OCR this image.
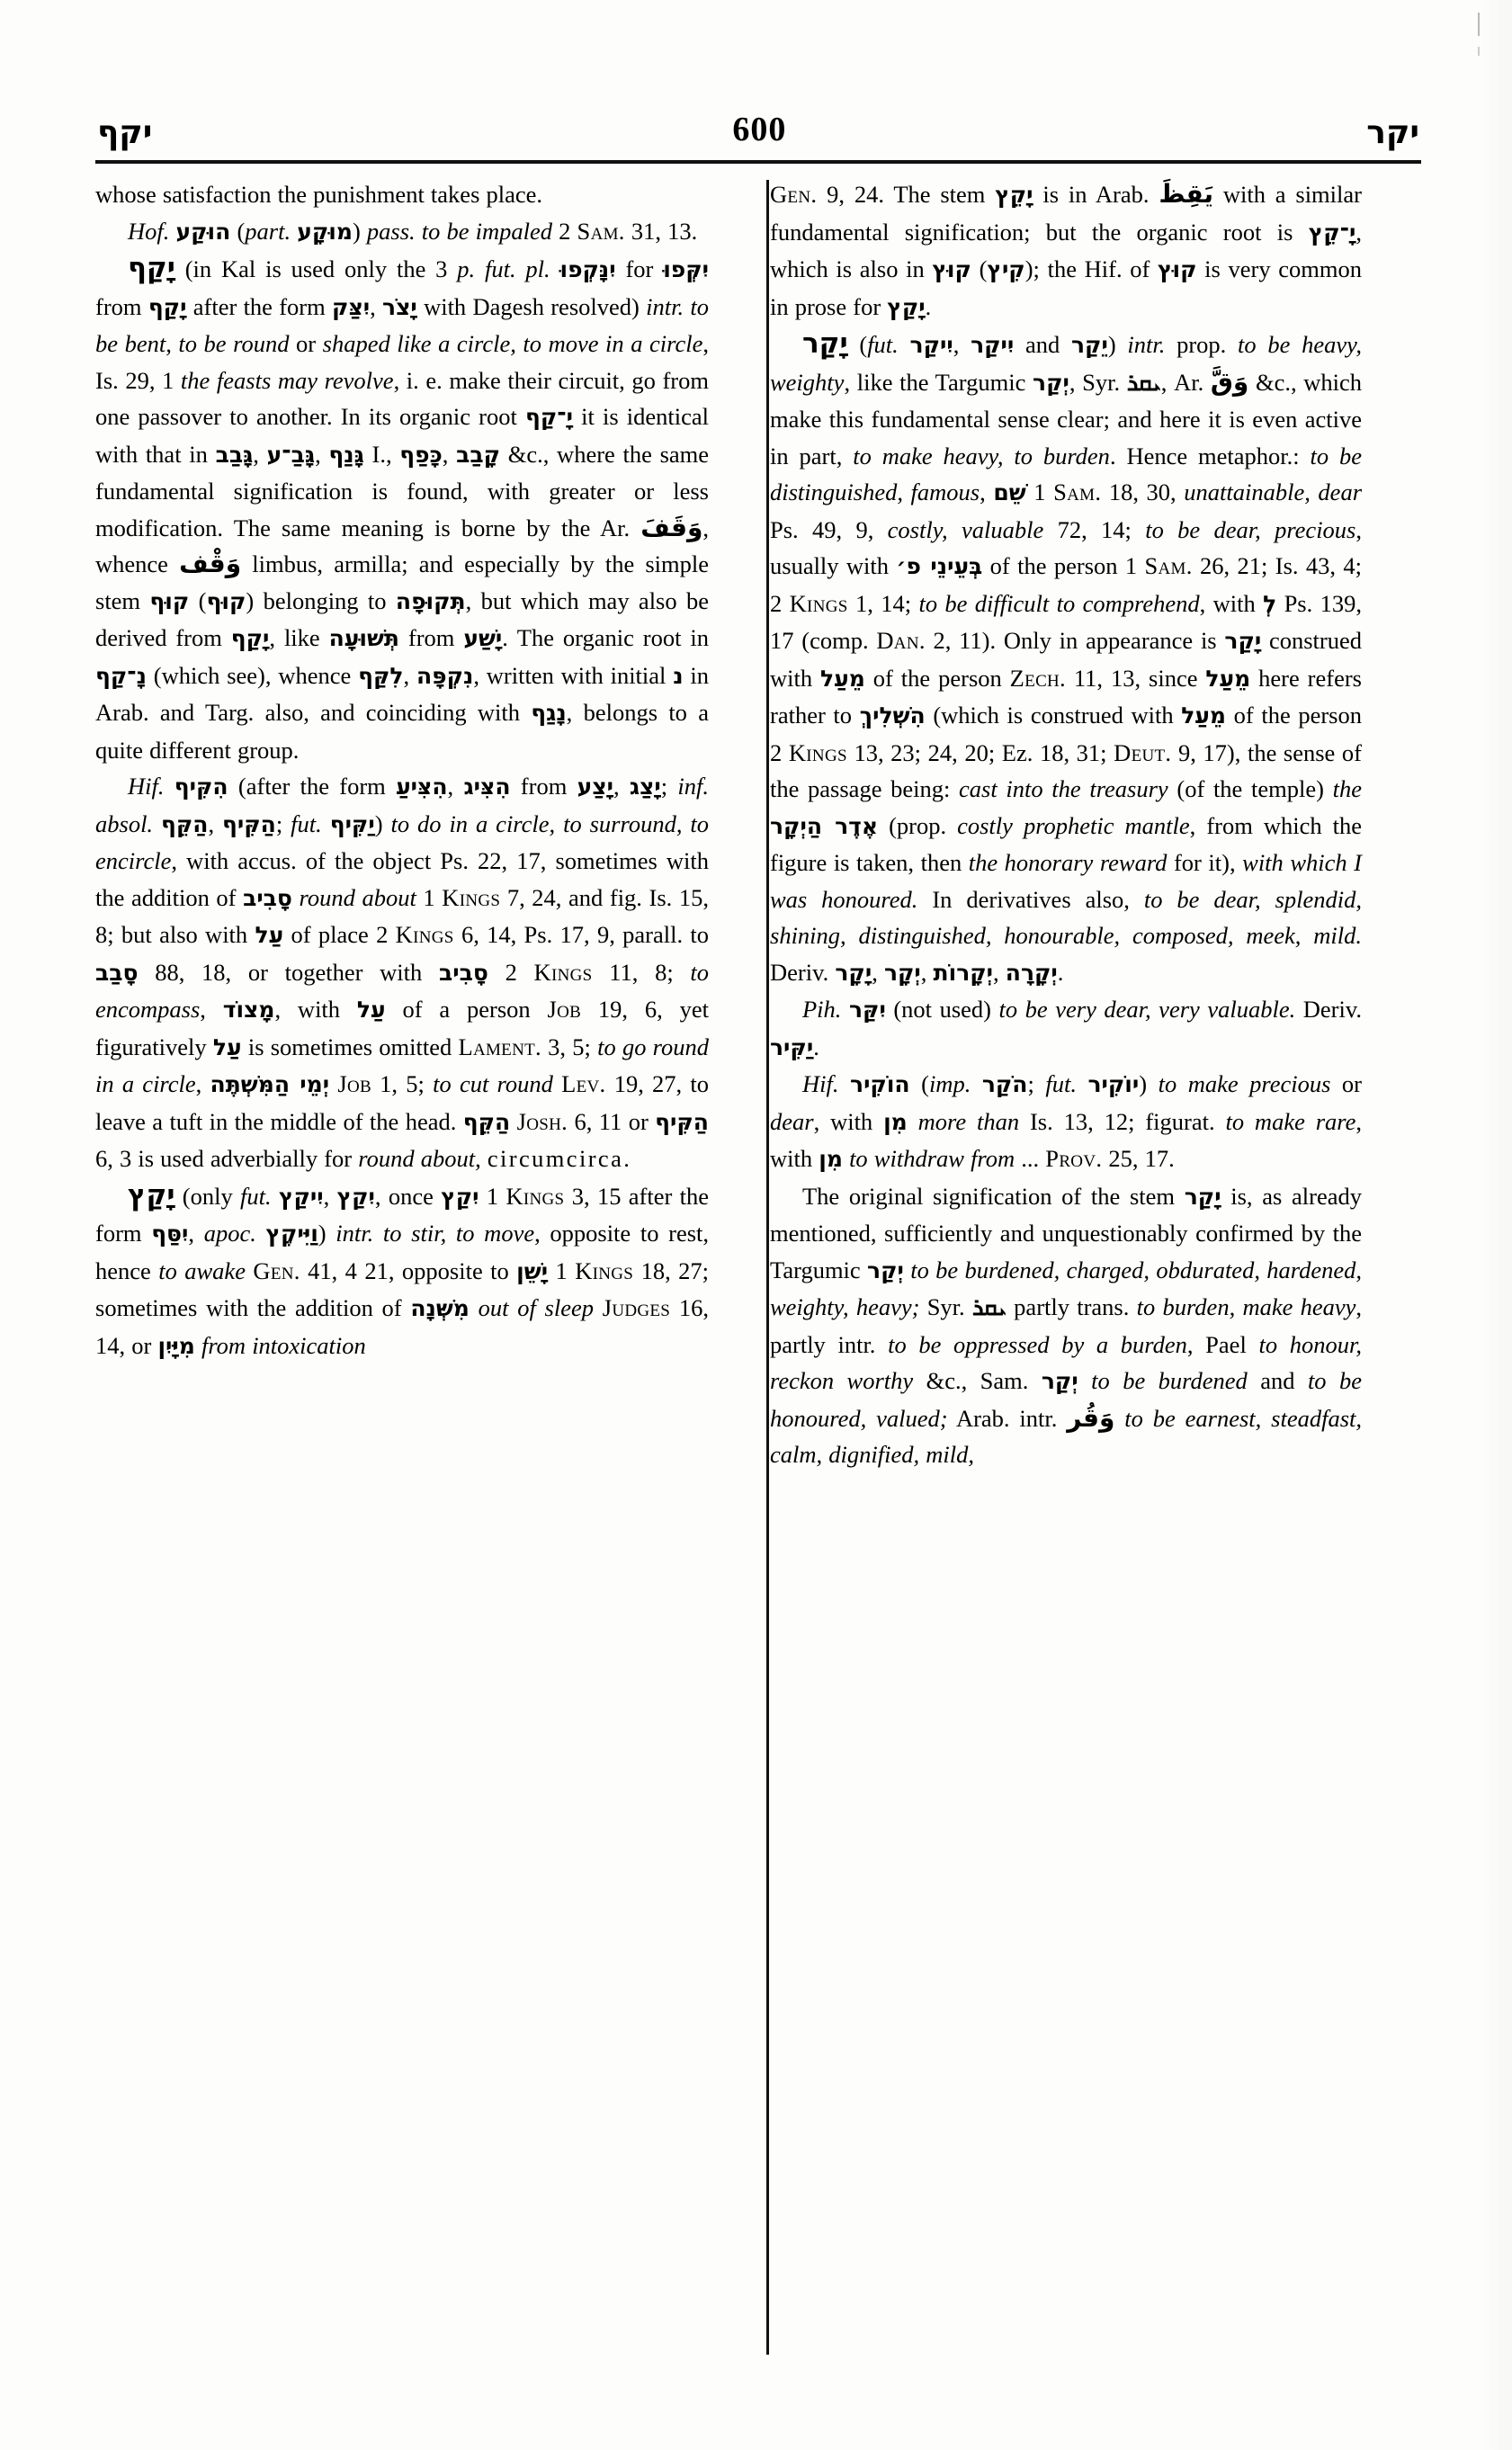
יקף	600	יקר

whose satisfaction the punishment takes place.

Hof. הוּקַע (part. מוּקָע) pass. to be impaled 2 Sam. 31, 13.

יָקַף (in Kal is used only the 3 p. fut. pl. יִנָּקְפוּ for יִקְּפוּ from יָקַף after the form יִצַּק, יָצֹר with Dagesh resolved) intr. to be bent, to be round or shaped like a circle, to move in a circle, Is. 29, 1 the feasts may revolve, i. e. make their circuit, go from one passover to another. In its organic root יָ־קַף it is identical with that in גָּבַב, גָּבַ־ע, גָּנַף I., כָּפַף, קָבַב &c., where the same fundamental signification is found, with greater or less modification. The same meaning is borne by the Ar. وَقَفَ, whence وَقْف limbus, armilla; and especially by the simple stem קוּף (קוּף) belonging to תְּקוּפָה, but which may also be derived from יָקַף, like תְּשׁוּעָה from יָשַׁע. The organic root in נָ־קַף (which see), whence לִקַּף, נִקְפָּה, written with initial נ in Arab. and Targ. also, and coinciding with נָגַף, belongs to a quite different group.

Hif. הִקִּיף (after the form הִצִּיעַ, הִצִּיג from יָצַע, יָצַג; inf. absol. הַקֵּף, הַקִּיף; fut. יַקִּיף) to do in a circle, to surround, to encircle, with accus. of the object Ps. 22, 17, sometimes with the addition of סָבִיב round about 1 Kings 7, 24, and fig. Is. 15, 8; but also with עַל of place 2 Kings 6, 14, Ps. 17, 9, parall. to סָבַב 88, 18, or together with סָבִיב 2 Kings 11, 8; to encompass, מָצוֹד, with עַל of a person Job 19, 6, yet figuratively עַל is sometimes omitted Lament. 3, 5; to go round in a circle, יְמֵי הַמִּשְׁתֶּה Job 1, 5; to cut round Lev. 19, 27, to leave a tuft in the middle of the head. הַקֵּף Josh. 6, 11 or הַקִּיף 6, 3 is used adverbially for round about, circumcirca.

יָקַץ (only fut. יִיקַץ, יִקַץ, once יִקַץ 1 Kings 3, 15 after the form יִסַּף, apoc. וַיִּיקֶץ) intr. to stir, to move, opposite to rest, hence to awake Gen. 41, 4 21, opposite to יָשֵׁן 1 Kings 18, 27; sometimes with the addition of מִשְּׁנָה out of sleep Judges 16, 14, or מִיָּיִן from intoxication

Gen. 9, 24. The stem יָקֵץ is in Arab. يَقِظَ with a similar fundamental signification; but the organic root is יָ־קֵץ, which is also in קוּץ (קִיץ); the Hif. of קוּץ is very common in prose for יָקַץ.

יָקַר (fut. יִיקַר, יִיקַר and יֵקַר) intr. prop. to be heavy, weighty, like the Targumic יְקַר, Syr. ܝܩܪ, Ar. وَقَّ &c., which make this fundamental sense clear; and here it is even active in part, to make heavy, to burden. Hence metaphor.: to be distinguished, famous, שֵׁם 1 Sam. 18, 30, unattainable, dear Ps. 49, 9, costly, valuable 72, 14; to be dear, precious, usually with בְּעֵינֵי פ׳ of the person 1 Sam. 26, 21; Is. 43, 4; 2 Kings 1, 14; to be difficult to comprehend, with לְ Ps. 139, 17 (comp. Dan. 2, 11). Only in appearance is יָקַר construed with מֵעַל of the person Zech. 11, 13, since מֵעַל here refers rather to הִשְׁלִיךְ (which is construed with מֵעַל of the person 2 Kings 13, 23; 24, 20; Ez. 18, 31; Deut. 9, 17), the sense of the passage being: cast into the treasury (of the temple) the אֶדֶר הַיְקָר (prop. costly prophetic mantle, from which the figure is taken, then the honorary reward for it), with which I was honoured. In derivatives also, to be dear, splendid, shining, distinguished, honourable, composed, meek, mild. Deriv. יָקָר, יְקָר, יְקָרוֹת, יְקָרָה.

Pih. יִקַּר (not used) to be very dear, very valuable. Deriv. יַקִּיר.

Hif. הוֹקִיר (imp. הֹקַר; fut. יוֹקִיר) to make precious or dear, with מִן more than Is. 13, 12; figurat. to make rare, with מִן to withdraw from ... Prov. 25, 17.

The original signification of the stem יָקַר is, as already mentioned, sufficiently and unquestionably confirmed by the Targumic יְקַר to be burdened, charged, obdurated, hardened, weighty, heavy; Syr. ܝܩܪ partly trans. to burden, make heavy, partly intr. to be oppressed by a burden, Pael to honour, reckon worthy &c., Sam. יְקַר to be burdened and to be honoured, valued; Arab. intr. وَقُر to be earnest, steadfast, calm, dignified, mild,
